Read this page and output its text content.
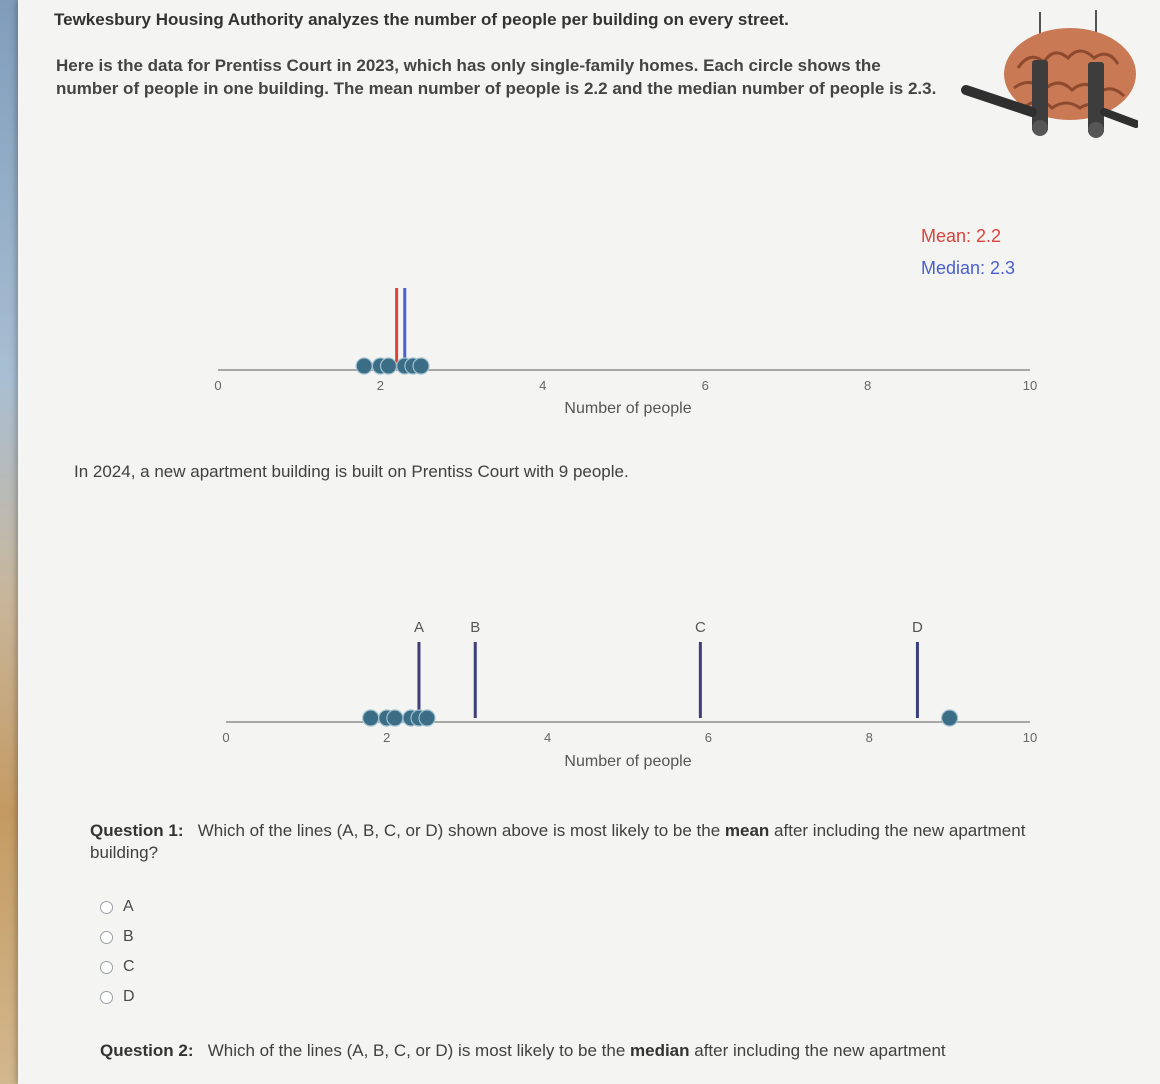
Tewkesbury Housing Authority analyzes the number of people per building on every street.

Here is the data for Prentiss Court in 2023, which has only single-family homes. Each circle shows the number of people in one building. The mean number of people is 2.2 and the median number of people is 2.3.

0	2	4	6	8	10
Mean: 2.2
Median: 2.3
Number of people

In 2024, a new apartment building is built on Prentiss Court with 9 people.

0	2	4	6	8	10
A	B	C	D
Number of people

Question 1: Which of the lines (A, B, C, or D) shown above is most likely to be the mean after including the new apartment building?

A
B
C
D

Question 2: Which of the lines (A, B, C, or D) is most likely to be the median after including the new apartment
